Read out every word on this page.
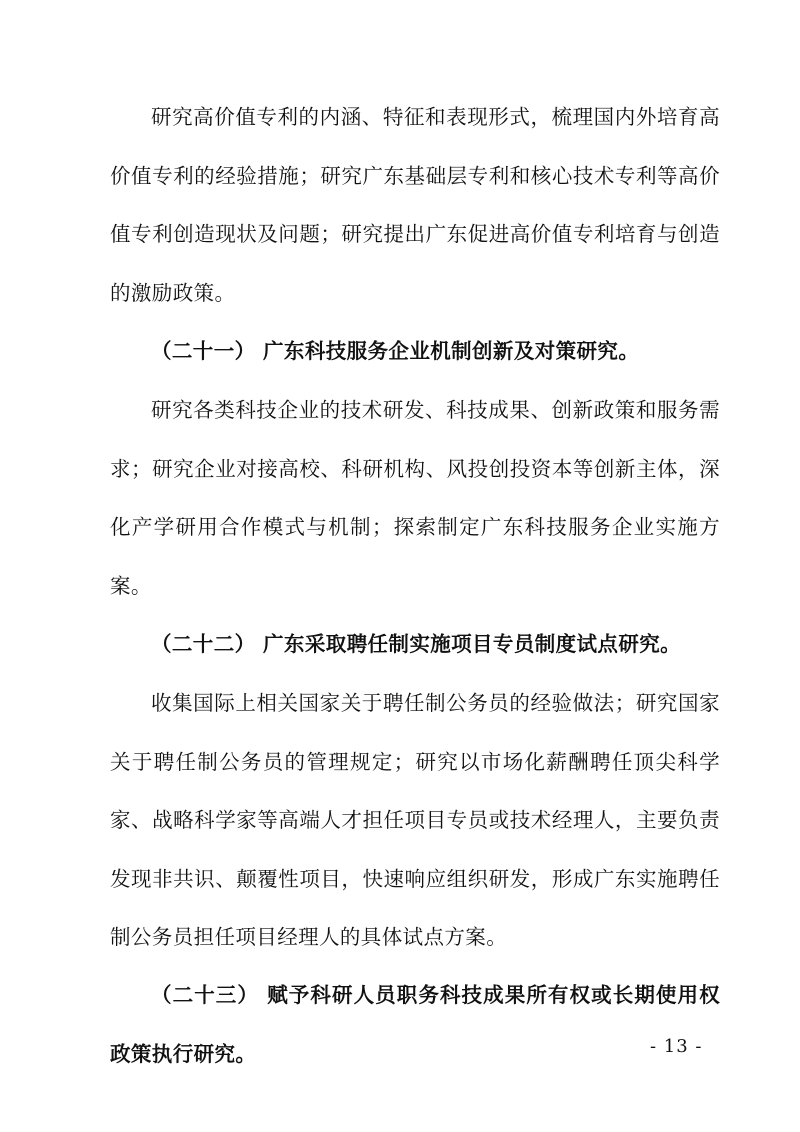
研究高价值专利的内涵、特征和表现形式，梳理国内外培育高价值专利的经验措施；研究广东基础层专利和核心技术专利等高价值专利创造现状及问题；研究提出广东促进高价值专利培育与创造的激励政策。

（二十一） 广东科技服务企业机制创新及对策研究。

研究各类科技企业的技术研发、科技成果、创新政策和服务需求；研究企业对接高校、科研机构、风投创投资本等创新主体，深化产学研用合作模式与机制；探索制定广东科技服务企业实施方案。

（二十二） 广东采取聘任制实施项目专员制度试点研究。

收集国际上相关国家关于聘任制公务员的经验做法；研究国家关于聘任制公务员的管理规定；研究以市场化薪酬聘任顶尖科学家、战略科学家等高端人才担任项目专员或技术经理人，主要负责发现非共识、颠覆性项目，快速响应组织研发，形成广东实施聘任制公务员担任项目经理人的具体试点方案。

（二十三） 赋予科研人员职务科技成果所有权或长期使用权政策执行研究。	- 13 -
